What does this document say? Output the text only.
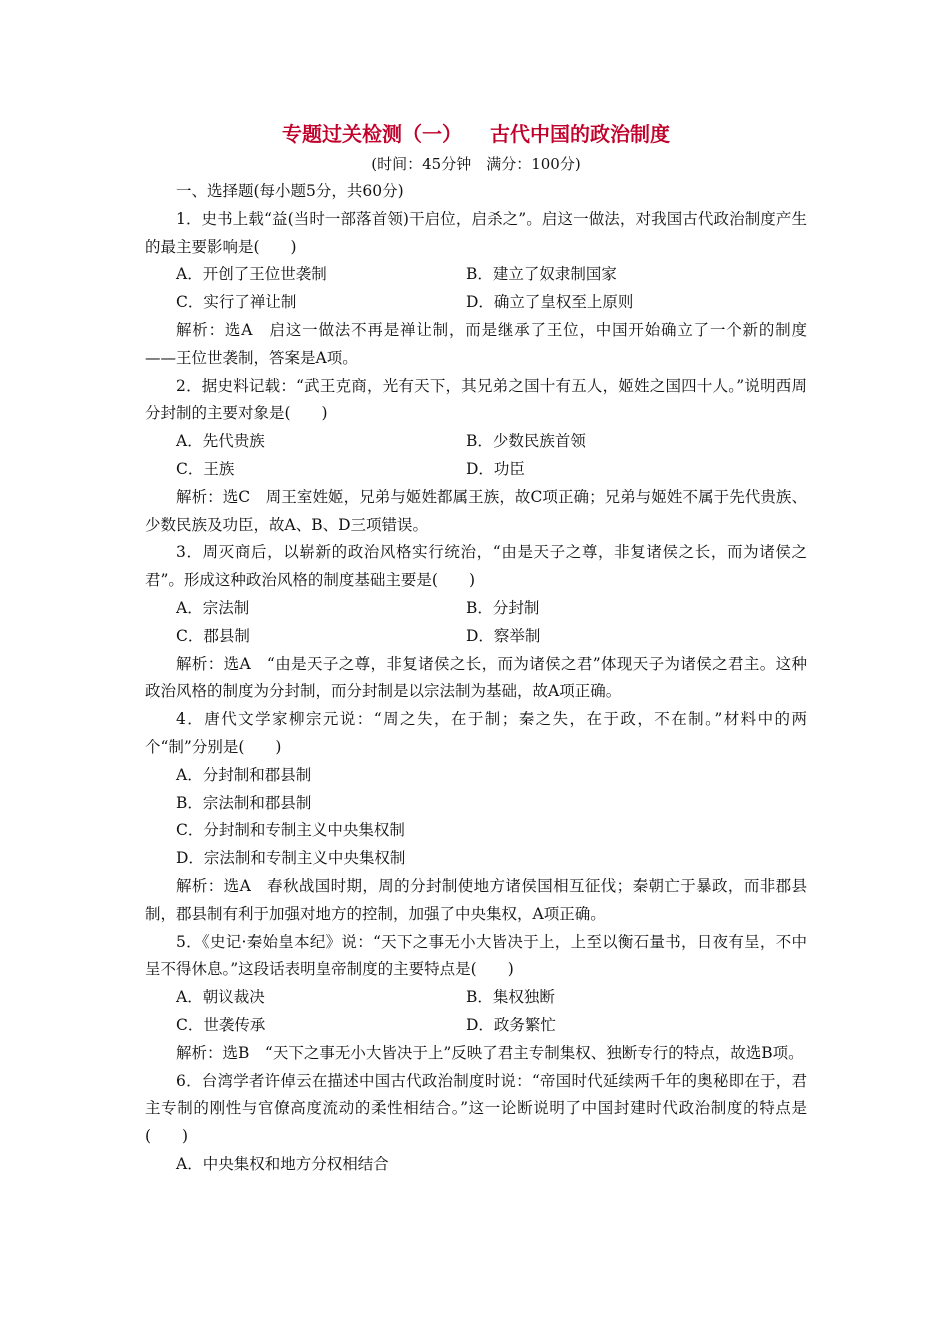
专题过关检测（一） 古代中国的政治制度
(时间：45分钟　满分：100分)
一、选择题(每小题5分，共60分)

1．史书上载“益(当时一部落首领)干启位，启杀之”。启这一做法，对我国古代政治制度产生的最主要影响是(　　)

A．开创了王位世袭制	B．建立了奴隶制国家
C．实行了禅让制	D．确立了皇权至上原则

解析：选A　启这一做法不再是禅让制，而是继承了王位，中国开始确立了一个新的制度——王位世袭制，答案是A项。

2．据史料记载：“武王克商，光有天下，其兄弟之国十有五人，姬姓之国四十人。”说明西周分封制的主要对象是(　　)

A．先代贵族	B．少数民族首领
C．王族	D．功臣

解析：选C　周王室姓姬，兄弟与姬姓都属王族，故C项正确；兄弟与姬姓不属于先代贵族、少数民族及功臣，故A、B、D三项错误。

3．周灭商后，以崭新的政治风格实行统治，“由是天子之尊，非复诸侯之长，而为诸侯之君”。形成这种政治风格的制度基础主要是(　　)

A．宗法制	B．分封制
C．郡县制	D．察举制

解析：选A　“由是天子之尊，非复诸侯之长，而为诸侯之君”体现天子为诸侯之君主。这种政治风格的制度为分封制，而分封制是以宗法制为基础，故A项正确。

4．唐代文学家柳宗元说：“周之失，在于制；秦之失，在于政，不在制。”材料中的两个“制”分别是(　　)

A．分封制和郡县制
B．宗法制和郡县制
C．分封制和专制主义中央集权制
D．宗法制和专制主义中央集权制

解析：选A　春秋战国时期，周的分封制使地方诸侯国相互征伐；秦朝亡于暴政，而非郡县制，郡县制有利于加强对地方的控制，加强了中央集权，A项正确。

5．《史记·秦始皇本纪》说：“天下之事无小大皆决于上，上至以衡石量书，日夜有呈，不中呈不得休息。”这段话表明皇帝制度的主要特点是(　　)

A．朝议裁决	B．集权独断
C．世袭传承	D．政务繁忙

解析：选B　“天下之事无小大皆决于上”反映了君主专制集权、独断专行的特点，故选B项。

6．台湾学者许倬云在描述中国古代政治制度时说：“帝国时代延续两千年的奥秘即在于，君主专制的刚性与官僚高度流动的柔性相结合。”这一论断说明了中国封建时代政治制度的特点是(　　)

A．中央集权和地方分权相结合
